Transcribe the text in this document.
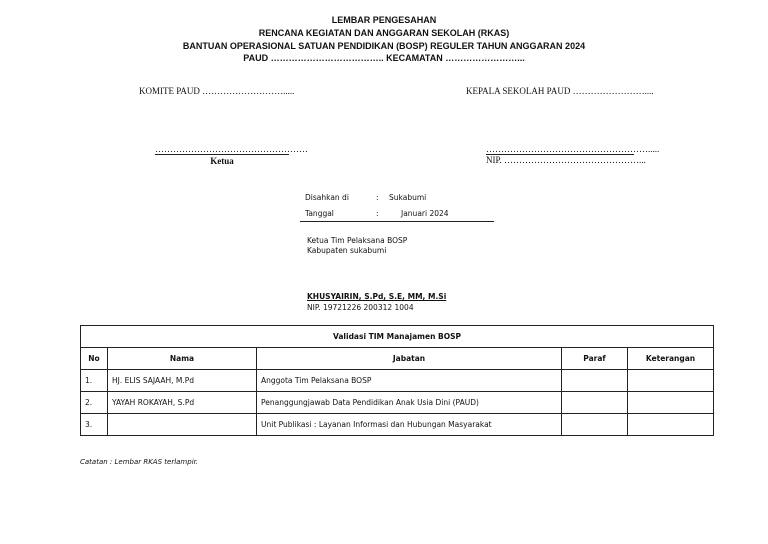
LEMBAR PENGESAHAN
RENCANA KEGIATAN DAN ANGGARAN SEKOLAH (RKAS)
BANTUAN OPERASIONAL SATUAN PENDIDIKAN (BOSP) REGULER TAHUN ANGGARAN 2024
PAUD ……………………………….. KECAMATAN ……………………...
KOMITE PAUD ……………………….....	KEPALA SEKOLAH PAUD ……………………....
……………………………………………
Ketua
……………………………………………….....
NIP. ………………………………………...
Disahkan di	: Sukabumi
Tanggal	:	Januari 2024
Ketua Tim Pelaksana BOSP
Kabupaten sukabumi
KHUSYAIRIN, S.Pd, S.E, MM, M.Si
NIP. 19721226 200312 1004
Validasi TIM Manajamen BOSP				
No	Nama	Jabatan	Paraf	Keterangan
1.	HJ. ELIS SAJAAH, M.Pd	Anggota Tim Pelaksana BOSP		
2.	YAYAH ROKAYAH, S.Pd	Penanggungjawab Data Pendidikan Anak Usia Dini (PAUD)		
3.		Unit Publikasi : Layanan Informasi dan Hubungan Masyarakat		
Catatan : Lembar RKAS terlampir.
